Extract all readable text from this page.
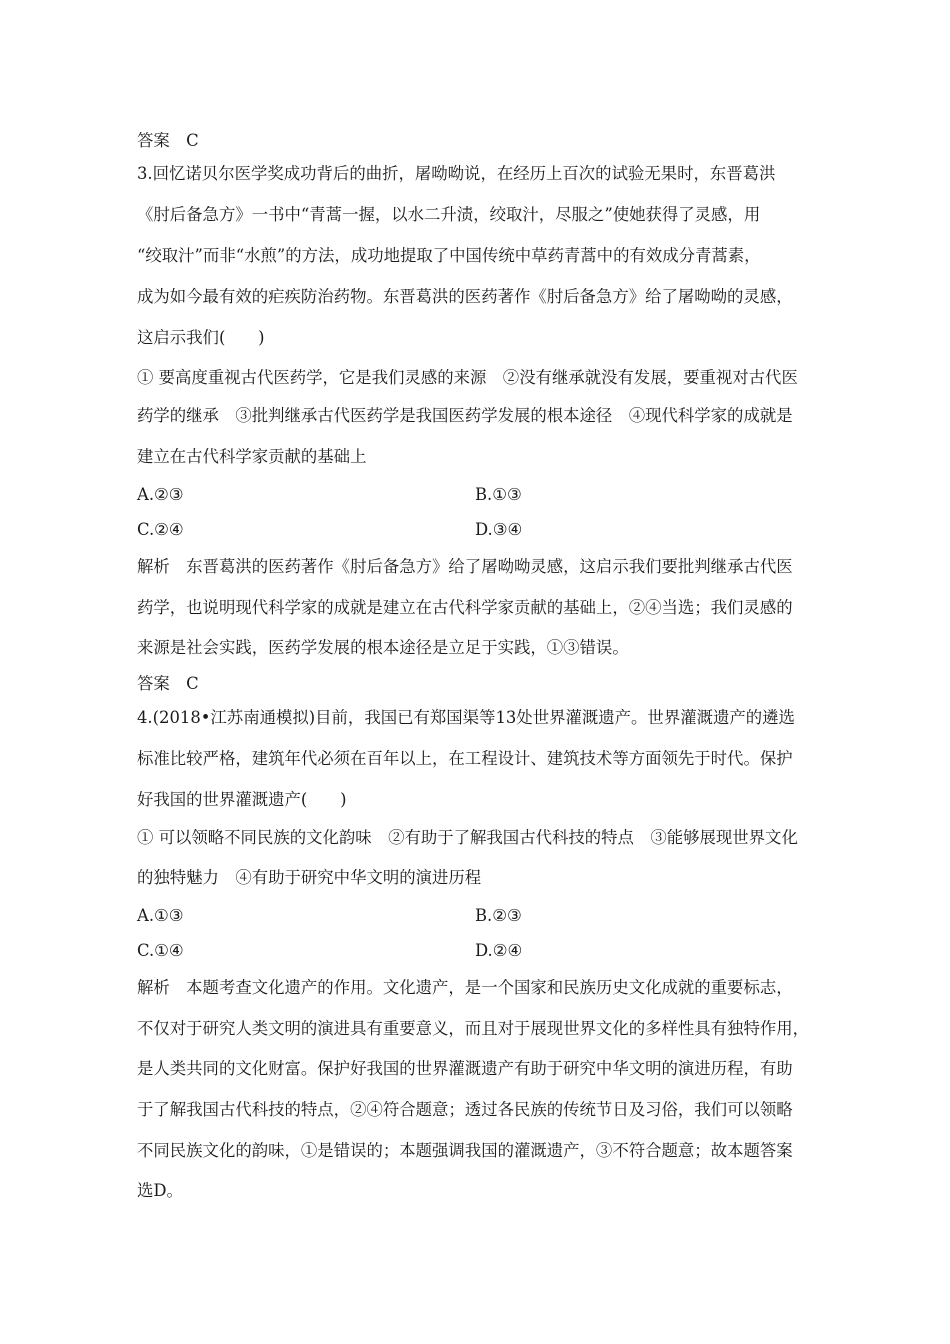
答案　C
3.回忆诺贝尔医学奖成功背后的曲折，屠呦呦说，在经历上百次的试验无果时，东晋葛洪
《肘后备急方》一书中“青蒿一握，以水二升渍，绞取汁，尽服之”使她获得了灵感，用
“绞取汁”而非“水煎”的方法，成功地提取了中国传统中草药青蒿中的有效成分青蒿素，
成为如今最有效的疟疾防治药物。东晋葛洪的医药著作《肘后备急方》给了屠呦呦的灵感，
这启示我们(　　)
① 要高度重视古代医药学，它是我们灵感的来源　②没有继承就没有发展，要重视对古代医
药学的继承　③批判继承古代医药学是我国医药学发展的根本途径　④现代科学家的成就是
建立在古代科学家贡献的基础上
A.②③	B.①③
C.②④	D.③④
解析　东晋葛洪的医药著作《肘后备急方》给了屠呦呦灵感，这启示我们要批判继承古代医
药学，也说明现代科学家的成就是建立在古代科学家贡献的基础上，②④当选；我们灵感的
来源是社会实践，医药学发展的根本途径是立足于实践，①③错误。
答案　C
4.(2018•江苏南通模拟)目前，我国已有郑国渠等13处世界灌溉遗产。世界灌溉遗产的遴选
标准比较严格，建筑年代必须在百年以上，在工程设计、建筑技术等方面领先于时代。保护
好我国的世界灌溉遗产(　　)
① 可以领略不同民族的文化韵味　②有助于了解我国古代科技的特点　③能够展现世界文化
的独特魅力　④有助于研究中华文明的演进历程
A.①③	B.②③
C.①④	D.②④
解析　本题考查文化遗产的作用。文化遗产，是一个国家和民族历史文化成就的重要标志，
不仅对于研究人类文明的演进具有重要意义，而且对于展现世界文化的多样性具有独特作用，
是人类共同的文化财富。保护好我国的世界灌溉遗产有助于研究中华文明的演进历程，有助
于了解我国古代科技的特点，②④符合题意；透过各民族的传统节日及习俗，我们可以领略
不同民族文化的韵味，①是错误的；本题强调我国的灌溉遗产，③不符合题意；故本题答案
选D。
